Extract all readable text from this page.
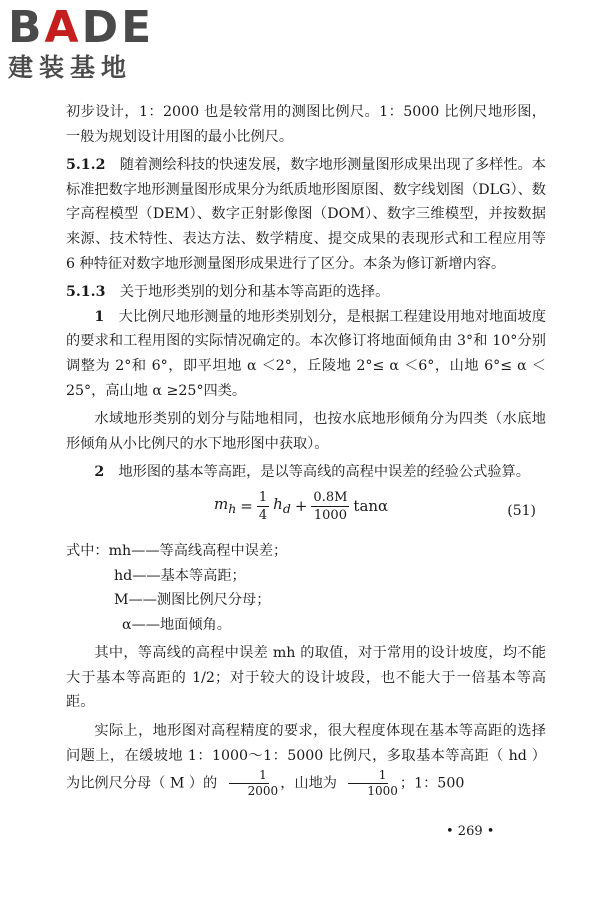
BADE
建装基地

初步设计，1：2000 也是较常用的测图比例尺。1：5000 比例尺地形图，一般为规划设计用图的最小比例尺。

5.1.2　 随着测绘科技的快速发展，数字地形测量图形成果出现了多样性。本标准把数字地形测量图形成果分为纸质地形图原图、数字线划图（DLG）、数字高程模型（DEM）、数字正射影像图（DOM）、数字三维模型，并按数据来源、技术特性、表达方法、数学精度、提交成果的表现形式和工程应用等 6 种特征对数字地形测量图形成果进行了区分。本条为修订新增内容。

5.1.3　 关于地形类别的划分和基本等高距的选择。

1　 大比例尺地形测量的地形类别划分，是根据工程建设用地对地面坡度的要求和工程用图的实际情况确定的。本次修订将地面倾角由 3°和 10°分别调整为 2°和 6°，即平坦地 α ＜2°，丘陵地 2°≤ α ＜6°，山地 6°≤ α ＜25°，高山地 α ≥25°四类。

水域地形类别的划分与陆地相同，也按水底地形倾角分为四类（水底地形倾角从小比例尺的水下地形图中获取）。

2　 地形图的基本等高距，是以等高线的高程中误差的经验公式验算。

$m_h = \frac{1}{4} h_d + \frac{0.8M}{1000}$ tanα	(51)

式中：mh——等高线高程中误差；

hd——基本等高距；

M——测图比例尺分母；

α——地面倾角。

其中，等高线的高程中误差 mh 的取值，对于常用的设计坡度，均不能大于基本等高距的 1/2；对于较大的设计坡段，也不能大于一倍基本等高距。

实际上，地形图对高程精度的要求，很大程度体现在基本等高距的选择问题上，在缓坡地 1：1000～1：5000 比例尺，多取基本等高距（ hd ）为比例尺分母（ M ）的 $\frac{1}{2000}$ ，山地为 $\frac{1}{1000}$ ；1：500

• 269 •
